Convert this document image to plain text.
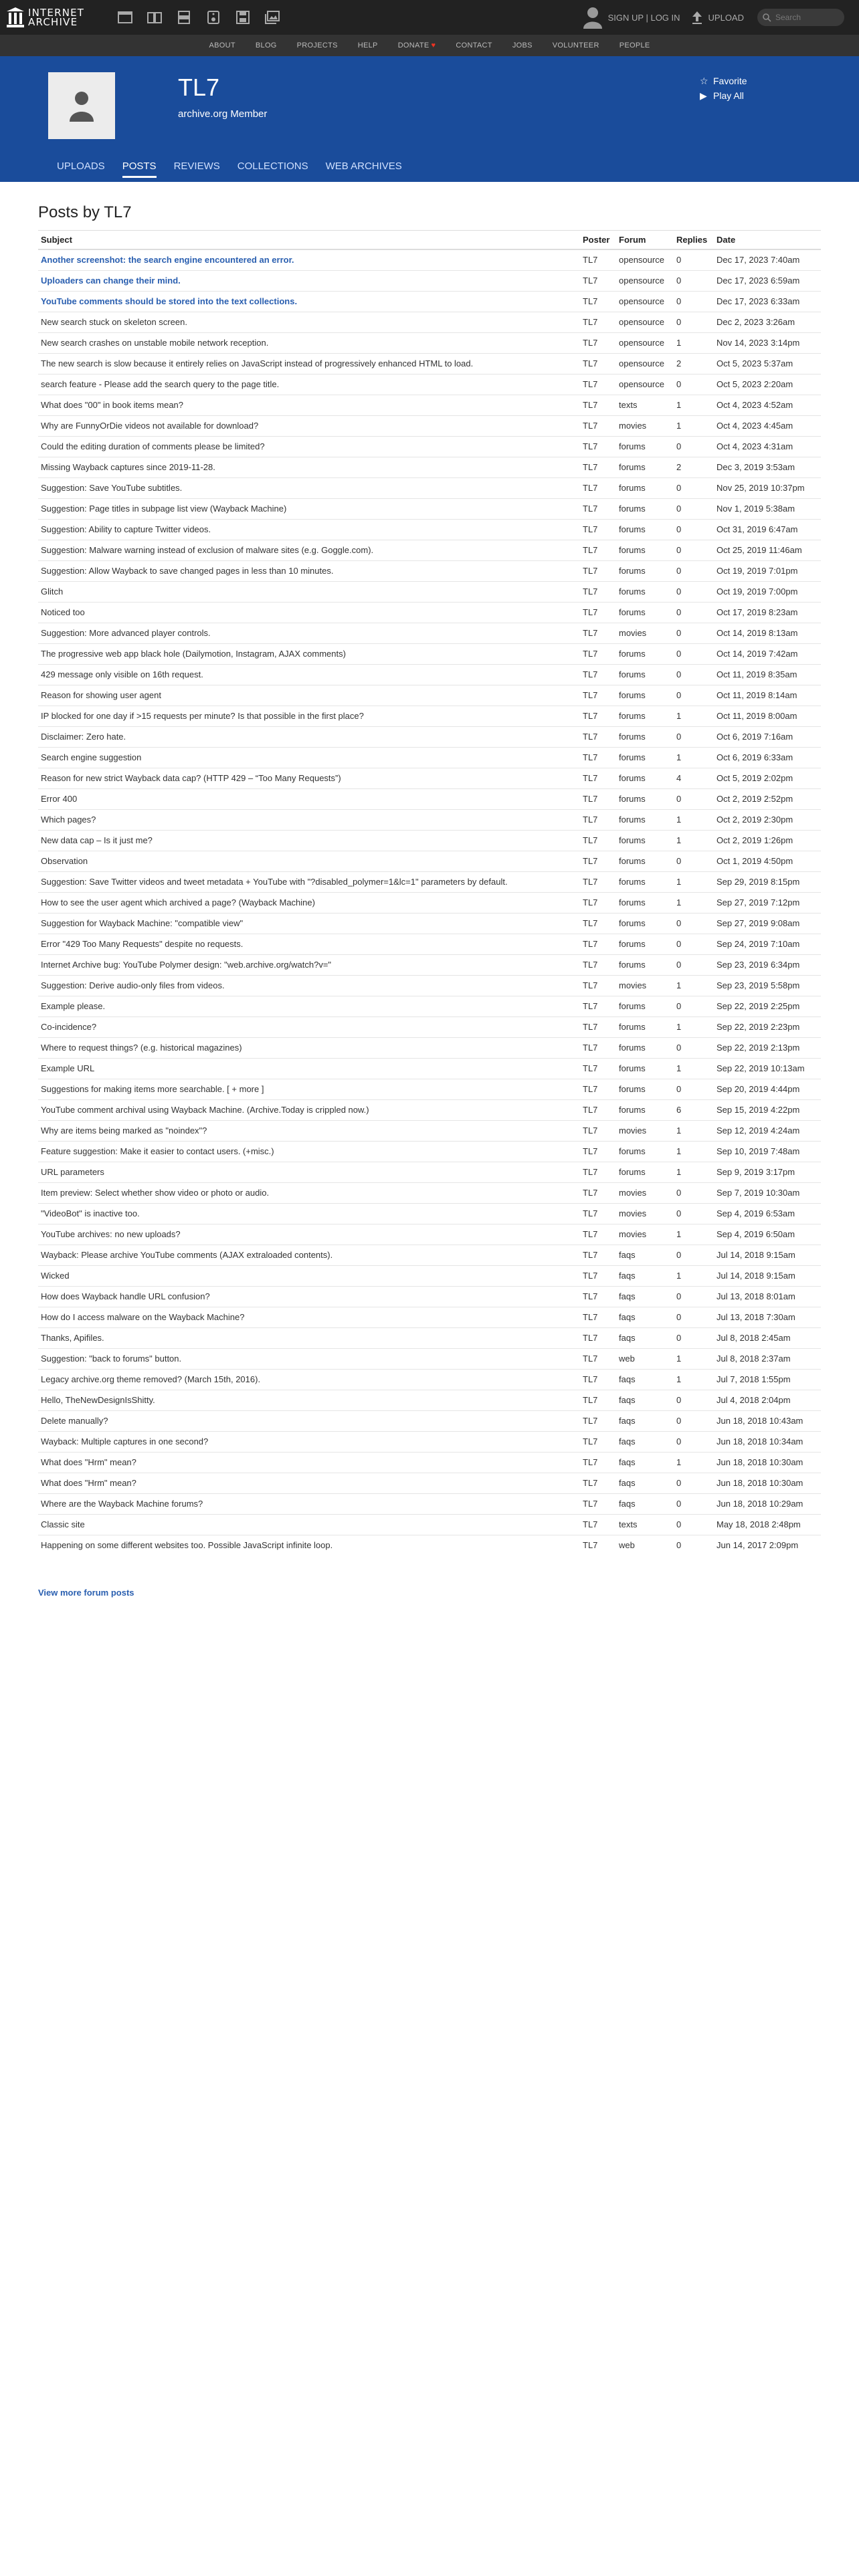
INTERNET
ARCHIVE	SIGN UP | LOG IN	UPLOAD	Search
ABOUT	BLOG	PROJECTS	HELP	DONATE ♥	CONTACT	JOBS	VOLUNTEER	PEOPLE
TL7
archive.org Member
☆ Favorite
▶ Play All
UPLOADS	POSTS	REVIEWS	COLLECTIONS	WEB ARCHIVES
Posts by TL7
Subject	Poster	Forum	Replies	Date
Another screenshot: the search engine encountered an error.	TL7	opensource	0	Dec 17, 2023 7:40am
Uploaders can change their mind.	TL7	opensource	0	Dec 17, 2023 6:59am
YouTube comments should be stored into the text collections.	TL7	opensource	0	Dec 17, 2023 6:33am
New search stuck on skeleton screen.	TL7	opensource	0	Dec 2, 2023 3:26am
New search crashes on unstable mobile network reception.	TL7	opensource	1	Nov 14, 2023 3:14pm
The new search is slow because it entirely relies on JavaScript instead of progressively enhanced HTML to load.	TL7	opensource	2	Oct 5, 2023 5:37am
search feature - Please add the search query to the page title.	TL7	opensource	0	Oct 5, 2023 2:20am
What does "00" in book items mean?	TL7	texts	1	Oct 4, 2023 4:52am
Why are FunnyOrDie videos not available for download?	TL7	movies	1	Oct 4, 2023 4:45am
Could the editing duration of comments please be limited?	TL7	forums	0	Oct 4, 2023 4:31am
Missing Wayback captures since 2019-11-28.	TL7	forums	2	Dec 3, 2019 3:53am
Suggestion: Save YouTube subtitles.	TL7	forums	0	Nov 25, 2019 10:37pm
Suggestion: Page titles in subpage list view (Wayback Machine)	TL7	forums	0	Nov 1, 2019 5:38am
Suggestion: Ability to capture Twitter videos.	TL7	forums	0	Oct 31, 2019 6:47am
Suggestion: Malware warning instead of exclusion of malware sites (e.g. Goggle.com).	TL7	forums	0	Oct 25, 2019 11:46am
Suggestion: Allow Wayback to save changed pages in less than 10 minutes.	TL7	forums	0	Oct 19, 2019 7:01pm
Glitch	TL7	forums	0	Oct 19, 2019 7:00pm
Noticed too	TL7	forums	0	Oct 17, 2019 8:23am
Suggestion: More advanced player controls.	TL7	movies	0	Oct 14, 2019 8:13am
The progressive web app black hole (Dailymotion, Instagram, AJAX comments)	TL7	forums	0	Oct 14, 2019 7:42am
429 message only visible on 16th request.	TL7	forums	0	Oct 11, 2019 8:35am
Reason for showing user agent	TL7	forums	0	Oct 11, 2019 8:14am
IP blocked for one day if >15 requests per minute? Is that possible in the first place?	TL7	forums	1	Oct 11, 2019 8:00am
Disclaimer: Zero hate.	TL7	forums	0	Oct 6, 2019 7:16am
Search engine suggestion	TL7	forums	1	Oct 6, 2019 6:33am
Reason for new strict Wayback data cap? (HTTP 429 – “Too Many Requests”)	TL7	forums	4	Oct 5, 2019 2:02pm
Error 400	TL7	forums	0	Oct 2, 2019 2:52pm
Which pages?	TL7	forums	1	Oct 2, 2019 2:30pm
New data cap – Is it just me?	TL7	forums	1	Oct 2, 2019 1:26pm
Observation	TL7	forums	0	Oct 1, 2019 4:50pm
Suggestion: Save Twitter videos and tweet metadata + YouTube with "?disabled_polymer=1&lc=1" parameters by default.	TL7	forums	1	Sep 29, 2019 8:15pm
How to see the user agent which archived a page? (Wayback Machine)	TL7	forums	1	Sep 27, 2019 7:12pm
Suggestion for Wayback Machine: "compatible view"	TL7	forums	0	Sep 27, 2019 9:08am
Error "429 Too Many Requests" despite no requests.	TL7	forums	0	Sep 24, 2019 7:10am
Internet Archive bug: YouTube Polymer design: "web.archive.org/watch?v="	TL7	forums	0	Sep 23, 2019 6:34pm
Suggestion: Derive audio-only files from videos.	TL7	movies	1	Sep 23, 2019 5:58pm
Example please.	TL7	forums	0	Sep 22, 2019 2:25pm
Co-incidence?	TL7	forums	1	Sep 22, 2019 2:23pm
Where to request things? (e.g. historical magazines)	TL7	forums	0	Sep 22, 2019 2:13pm
Example URL	TL7	forums	1	Sep 22, 2019 10:13am
Suggestions for making items more searchable. [ + more ]	TL7	forums	0	Sep 20, 2019 4:44pm
YouTube comment archival using Wayback Machine. (Archive.Today is crippled now.)	TL7	forums	6	Sep 15, 2019 4:22pm
Why are items being marked as "noindex"?	TL7	movies	1	Sep 12, 2019 4:24am
Feature suggestion: Make it easier to contact users. (+misc.)	TL7	forums	1	Sep 10, 2019 7:48am
URL parameters	TL7	forums	1	Sep 9, 2019 3:17pm
Item preview: Select whether show video or photo or audio.	TL7	movies	0	Sep 7, 2019 10:30am
"VideoBot" is inactive too.	TL7	movies	0	Sep 4, 2019 6:53am
YouTube archives: no new uploads?	TL7	movies	1	Sep 4, 2019 6:50am
Wayback: Please archive YouTube comments (AJAX extraloaded contents).	TL7	faqs	0	Jul 14, 2018 9:15am
Wicked	TL7	faqs	1	Jul 14, 2018 9:15am
How does Wayback handle URL confusion?	TL7	faqs	0	Jul 13, 2018 8:01am
How do I access malware on the Wayback Machine?	TL7	faqs	0	Jul 13, 2018 7:30am
Thanks, Apifiles.	TL7	faqs	0	Jul 8, 2018 2:45am
Suggestion: "back to forums" button.	TL7	web	1	Jul 8, 2018 2:37am
Legacy archive.org theme removed? (March 15th, 2016).	TL7	faqs	1	Jul 7, 2018 1:55pm
Hello, TheNewDesignIsShitty.	TL7	faqs	0	Jul 4, 2018 2:04pm
Delete manually?	TL7	faqs	0	Jun 18, 2018 10:43am
Wayback: Multiple captures in one second?	TL7	faqs	0	Jun 18, 2018 10:34am
What does "Hrm" mean?	TL7	faqs	1	Jun 18, 2018 10:30am
What does "Hrm" mean?	TL7	faqs	0	Jun 18, 2018 10:30am
Where are the Wayback Machine forums?	TL7	faqs	0	Jun 18, 2018 10:29am
Classic site	TL7	texts	0	May 18, 2018 2:48pm
Happening on some different websites too. Possible JavaScript infinite loop.	TL7	web	0	Jun 14, 2017 2:09pm
View more forum posts
